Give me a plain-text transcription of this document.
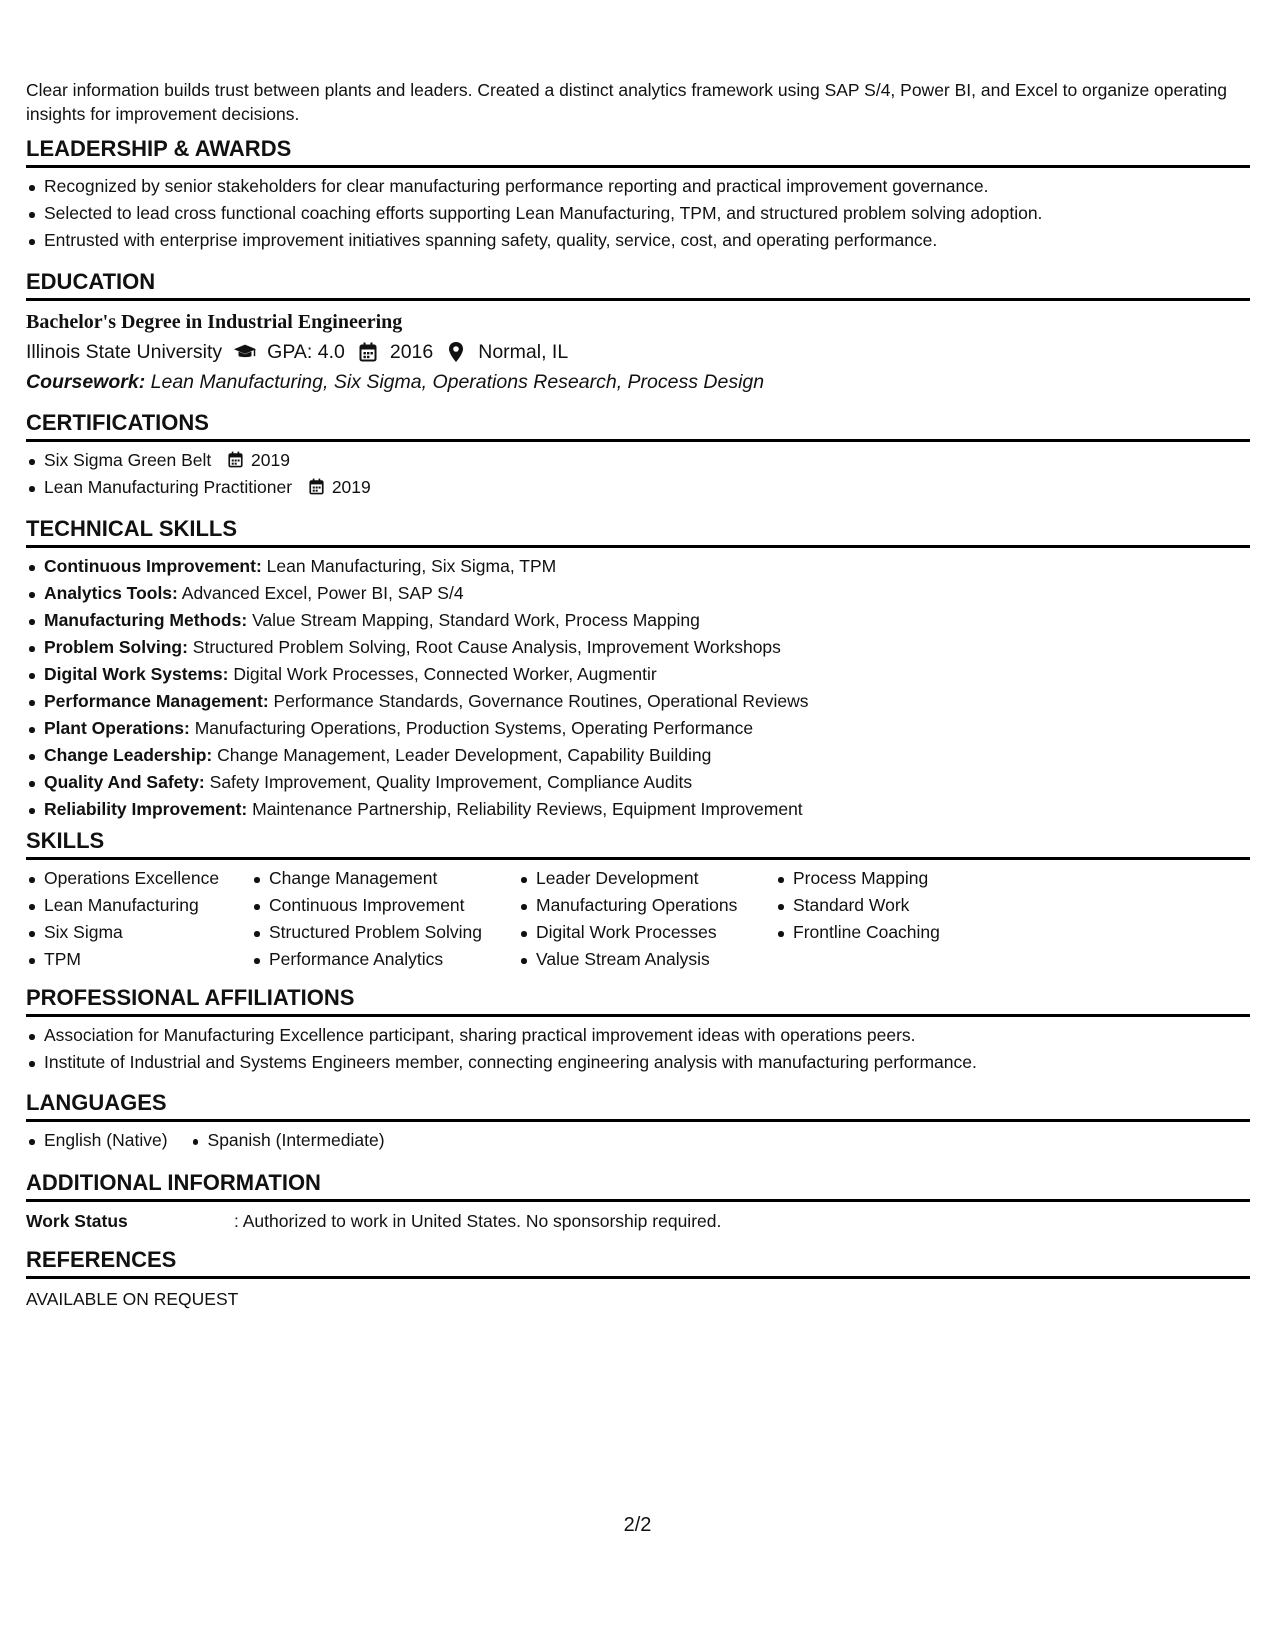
Clear information builds trust between plants and leaders. Created a distinct analytics framework using SAP S/4, Power BI, and Excel to organize operating insights for improvement decisions.
LEADERSHIP & AWARDS
Recognized by senior stakeholders for clear manufacturing performance reporting and practical improvement governance.
Selected to lead cross functional coaching efforts supporting Lean Manufacturing, TPM, and structured problem solving adoption.
Entrusted with enterprise improvement initiatives spanning safety, quality, service, cost, and operating performance.
EDUCATION
Bachelor's Degree in Industrial Engineering
Illinois State University GPA: 4.0 2016 Normal, IL
Coursework: Lean Manufacturing, Six Sigma, Operations Research, Process Design
CERTIFICATIONS
Six Sigma Green Belt 2019
Lean Manufacturing Practitioner 2019
TECHNICAL SKILLS
Continuous Improvement: Lean Manufacturing, Six Sigma, TPM
Analytics Tools: Advanced Excel, Power BI, SAP S/4
Manufacturing Methods: Value Stream Mapping, Standard Work, Process Mapping
Problem Solving: Structured Problem Solving, Root Cause Analysis, Improvement Workshops
Digital Work Systems: Digital Work Processes, Connected Worker, Augmentir
Performance Management: Performance Standards, Governance Routines, Operational Reviews
Plant Operations: Manufacturing Operations, Production Systems, Operating Performance
Change Leadership: Change Management, Leader Development, Capability Building
Quality And Safety: Safety Improvement, Quality Improvement, Compliance Audits
Reliability Improvement: Maintenance Partnership, Reliability Reviews, Equipment Improvement
SKILLS
Operations Excellence
Lean Manufacturing
Six Sigma
TPM
Change Management
Continuous Improvement
Structured Problem Solving
Performance Analytics
Leader Development
Manufacturing Operations
Digital Work Processes
Value Stream Analysis
Process Mapping
Standard Work
Frontline Coaching
PROFESSIONAL AFFILIATIONS
Association for Manufacturing Excellence participant, sharing practical improvement ideas with operations peers.
Institute of Industrial and Systems Engineers member, connecting engineering analysis with manufacturing performance.
LANGUAGES
English (Native)	Spanish (Intermediate)
ADDITIONAL INFORMATION
Work Status	: Authorized to work in United States. No sponsorship required.
REFERENCES
AVAILABLE ON REQUEST
2/2
